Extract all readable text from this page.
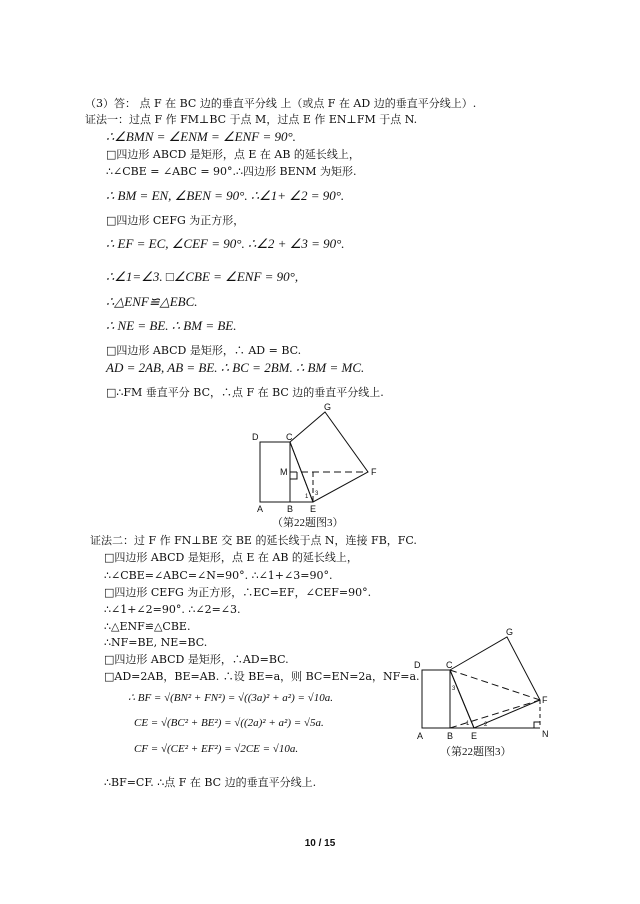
（3）答： 点 F 在 BC 边的垂直平分线 上（或点 F 在 AD 边的垂直平分线上）.
证法一：过点 F 作 FM⊥BC 于点 M，过点 E 作 EN⊥FM 于点 N.
∴∠BMN = ∠ENM = ∠ENF = 90°.
□四边形 ABCD 是矩形，点 E 在 AB 的延长线上，
∴∠CBE = ∠ABC = 90°.∴四边形 BENM 为矩形.
∴ BM = EN, ∠BEN = 90°. ∴∠1+ ∠2 = 90°.
□四边形 CEFG 为正方形，
∴ EF = EC, ∠CEF = 90°. ∴∠2 + ∠3 = 90°.
∴∠1=∠3. □∠CBE = ∠ENF = 90°,
∴△ENF≌△EBC.
∴ NE = BE. ∴ BM = BE.
□四边形 ABCD 是矩形，∴ AD = BC.
AD = 2AB, AB = BE. ∴ BC = 2BM. ∴ BM = MC.
□∴FM 垂直平分 BC，∴点 F 在 BC 边的垂直平分线上.
D	C
G
M	F
A	B E
1 3
（第22题图3）
证法二：过 F 作 FN⊥BE 交 BE 的延长线于点 N，连接 FB，FC.
□四边形 ABCD 是矩形，点 E 在 AB 的延长线上，
∴∠CBE=∠ABC=∠N=90°. ∴∠1+∠3=90°.
□四边形 CEFG 为正方形，∴EC=EF，∠CEF=90°.
∴∠1+∠2=90°. ∴∠2=∠3.
∴△ENF≌△CBE.
∴NF=BE, NE=BC.
□四边形 ABCD 是矩形，∴AD=BC.
□AD=2AB，BE=AB. ∴设 BE=a，则 BC=EN=2a，NF=a.
∴ BF = √(BN² + FN²) = √((3a)² + a²) = √10a.
CE = √(BC² + BE²) = √((2a)² + a²) = √5a.
CF = √(CE² + EF²) = √2CE = √10a.
∴BF=CF. ∴点 F 在 BC 边的垂直平分线上.
D	C
G
F
A	B E	N
3
1 2
（第22题图3）
10 / 15
